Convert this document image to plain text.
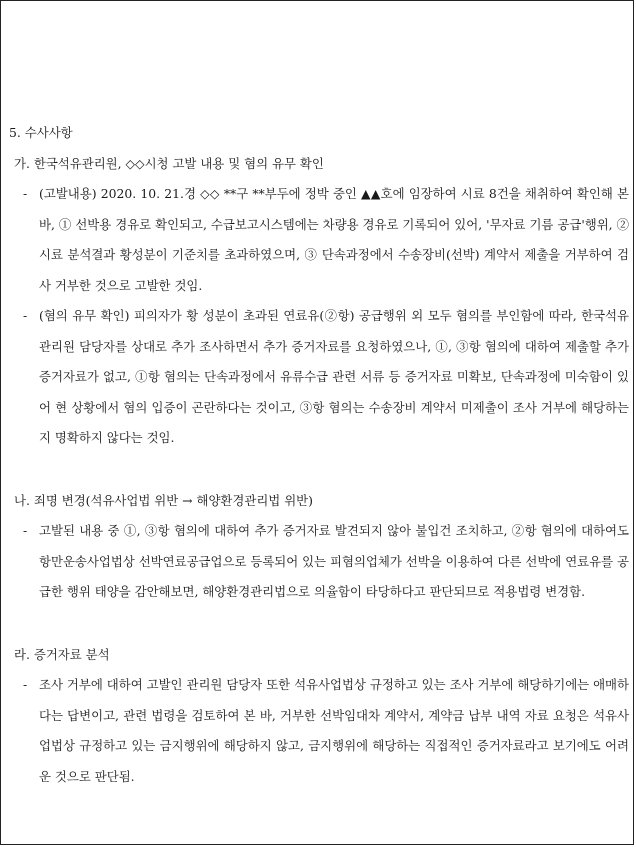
5. 수사사항

가. 한국석유관리원, ◇◇시청 고발 내용 및 혐의 유무 확인

- (고발내용) 2020. 10. 21.경 ◇◇ **구 **부두에 정박 중인 ▲▲호에 임장하여 시료 8건을 채취하여 확인해 본 바, ① 선박용 경유로 확인되고, 수급보고시스템에는 차량용 경유로 기록되어 있어, '무자료 기름 공급'행위, ② 시료 분석결과 황성분이 기준치를 초과하였으며, ③ 단속과정에서 수송장비(선박) 계약서 제출을 거부하여 검사 거부한 것으로 고발한 것임.
- (혐의 유무 확인) 피의자가 황 성분이 초과된 연료유(②항) 공급행위 외 모두 혐의를 부인함에 따라, 한국석유관리원 담당자를 상대로 추가 조사하면서 추가 증거자료를 요청하였으나, ①, ③항 혐의에 대하여 제출할 추가 증거자료가 없고, ①항 혐의는 단속과정에서 유류수급 관련 서류 등 증거자료 미확보, 단속과정에 미숙함이 있어 현 상황에서 혐의 입증이 곤란하다는 것이고, ③항 혐의는 수송장비 계약서 미제출이 조사 거부에 해당하는지 명확하지 않다는 것임.

나. 죄명 변경(석유사업법 위반 → 해양환경관리법 위반)

- 고발된 내용 중 ①, ③항 혐의에 대하여 추가 증거자료 발견되지 않아 불입건 조치하고, ②항 혐의에 대하여도 항만운송사업법상 선박연료공급업으로 등록되어 있는 피혐의업체가 선박을 이용하여 다른 선박에 연료유를 공급한 행위 태양을 감안해보면, 해양환경관리법으로 의율함이 타당하다고 판단되므로 적용법령 변경함.

라. 증거자료 분석

- 조사 거부에 대하여 고발인 관리원 담당자 또한 석유사업법상 규정하고 있는 조사 거부에 해당하기에는 애매하다는 답변이고, 관련 법령을 검토하여 본 바, 거부한 선박임대차 계약서, 계약금 납부 내역 자료 요청은 석유사업법상 규정하고 있는 금지행위에 해당하지 않고, 금지행위에 해당하는 직접적인 증거자료라고 보기에도 어려운 것으로 판단됨.
